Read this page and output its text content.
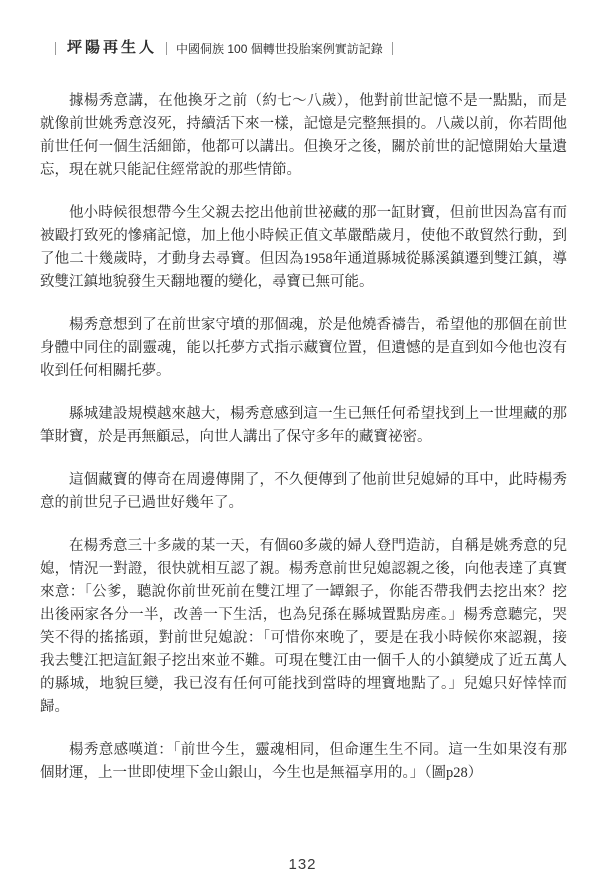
坪陽再生人 中國侗族 100 個轉世投胎案例實訪記錄

據楊秀意講，在他換牙之前（約七～八歲），他對前世記憶不是一點點，而是就像前世姚秀意沒死，持續活下來一樣，記憶是完整無損的。八歲以前，你若問他前世任何一個生活細節，他都可以講出。但換牙之後，關於前世的記憶開始大量遺忘，現在就只能記住經常說的那些情節。

他小時候很想帶今生父親去挖出他前世祕藏的那一缸財寶，但前世因為富有而被毆打致死的慘痛記憶，加上他小時候正值文革嚴酷歲月，使他不敢貿然行動，到了他二十幾歲時，才動身去尋寶。但因為1958年通道縣城從縣溪鎮遷到雙江鎮，導致雙江鎮地貌發生天翻地覆的變化，尋寶已無可能。

楊秀意想到了在前世家守墳的那個魂，於是他燒香禱告，希望他的那個在前世身體中同住的副靈魂，能以托夢方式指示藏寶位置，但遺憾的是直到如今他也沒有收到任何相關托夢。

縣城建設規模越來越大，楊秀意感到這一生已無任何希望找到上一世埋藏的那筆財寶，於是再無顧忌，向世人講出了保守多年的藏寶祕密。

這個藏寶的傳奇在周邊傳開了，不久便傳到了他前世兒媳婦的耳中，此時楊秀意的前世兒子已過世好幾年了。

在楊秀意三十多歲的某一天，有個60多歲的婦人登門造訪，自稱是姚秀意的兒媳，情況一對證，很快就相互認了親。楊秀意前世兒媳認親之後，向他表達了真實來意：「公爹，聽說你前世死前在雙江埋了一罈銀子，你能否帶我們去挖出來？挖出後兩家各分一半，改善一下生活，也為兒孫在縣城置點房產。」楊秀意聽完，哭笑不得的搖搖頭，對前世兒媳說：「可惜你來晚了，要是在我小時候你來認親，接我去雙江把這缸銀子挖出來並不難。可現在雙江由一個千人的小鎮變成了近五萬人的縣城，地貌巨變，我已沒有任何可能找到當時的埋寶地點了。」兒媳只好悻悻而歸。

楊秀意感嘆道：「前世今生，靈魂相同，但命運生生不同。這一生如果沒有那個財運，上一世即使埋下金山銀山，今生也是無福享用的。」（圖p28）

132
